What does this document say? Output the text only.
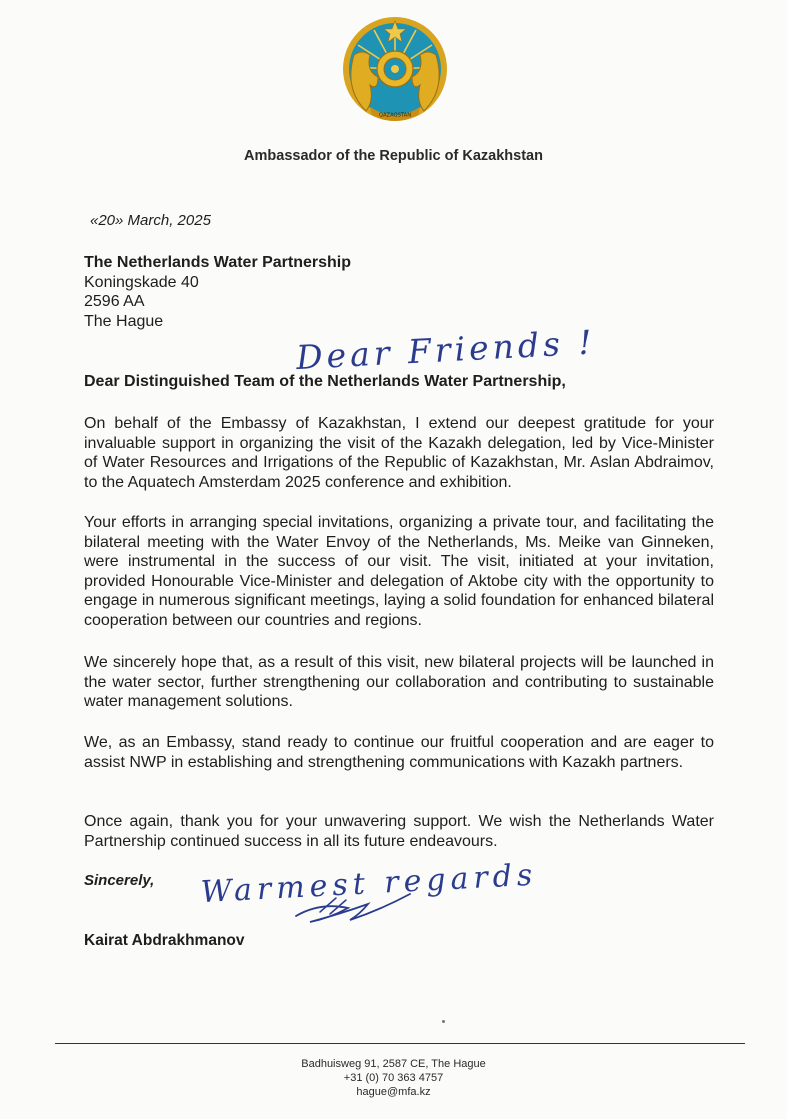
QAZAQSTAN
Ambassador of the Republic of Kazakhstan
«20» March, 2025
The Netherlands Water Partnership
Koningskade 40
2596 AA
The Hague
Dear Friends !
Dear Distinguished Team of the Netherlands Water Partnership,
On behalf of the Embassy of Kazakhstan, I extend our deepest gratitude for your invaluable support in organizing the visit of the Kazakh delegation, led by Vice-Minister of Water Resources and Irrigations of the Republic of Kazakhstan, Mr. Aslan Abdraimov, to the Aquatech Amsterdam 2025 conference and exhibition.
Your efforts in arranging special invitations, organizing a private tour, and facilitating the bilateral meeting with the Water Envoy of the Netherlands, Ms. Meike van Ginneken, were instrumental in the success of our visit. The visit, initiated at your invitation, provided Honourable Vice-Minister and delegation of Aktobe city with the opportunity to engage in numerous significant meetings, laying a solid foundation for enhanced bilateral cooperation between our countries and regions.
We sincerely hope that, as a result of this visit, new bilateral projects will be launched in the water sector, further strengthening our collaboration and contributing to sustainable water management solutions.
We, as an Embassy, stand ready to continue our fruitful cooperation and are eager to assist NWP in establishing and strengthening communications with Kazakh partners.
Once again, thank you for your unwavering support. We wish the Netherlands Water Partnership continued success in all its future endeavours.
Sincerely, Warmest regards
Kairat Abdrakhmanov
Badhuisweg 91, 2587 CE, The Hague
+31 (0) 70 363 4757
hague@mfa.kz
